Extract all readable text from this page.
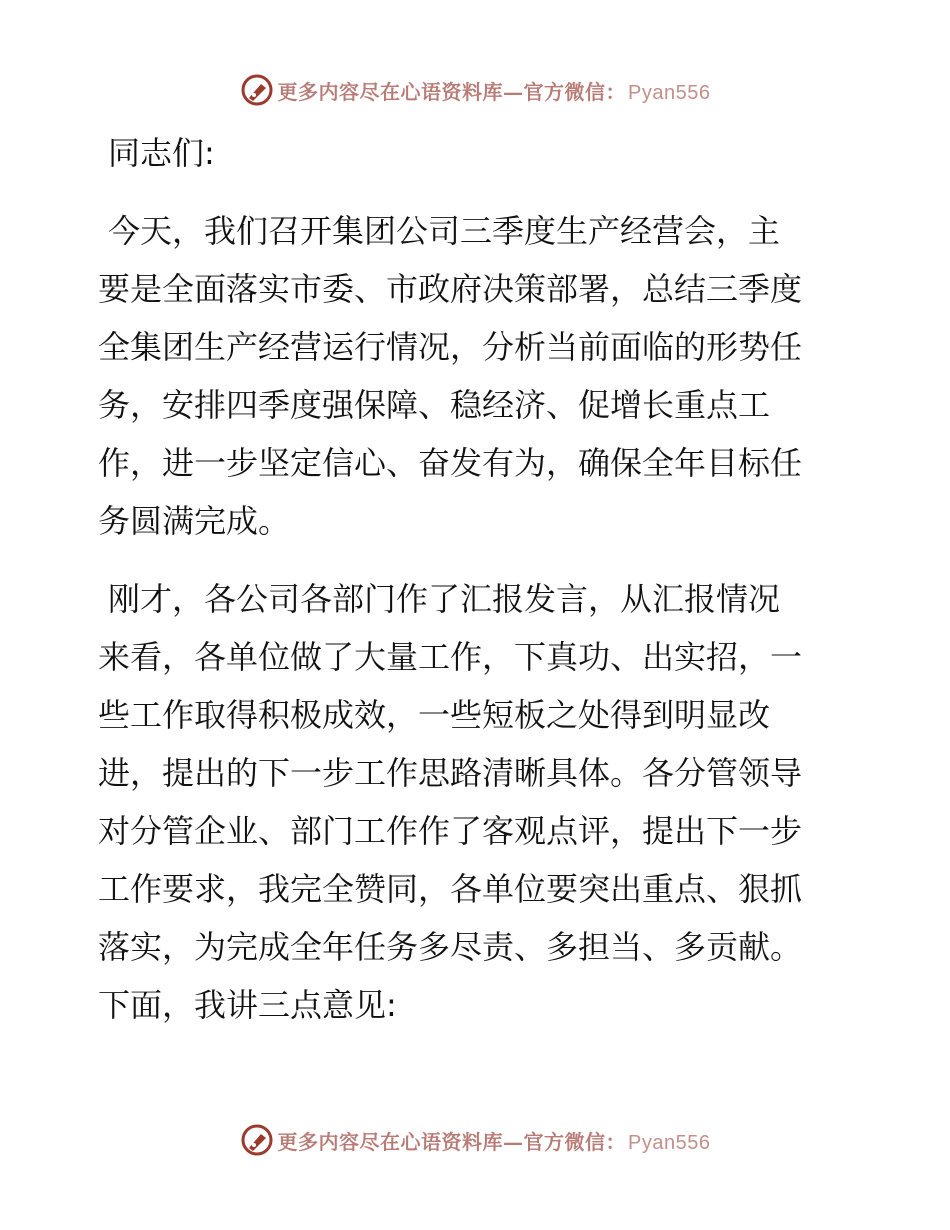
更多内容尽在心语资料库—官方微信： Pyan556

同志们:

今天，我们召开集团公司三季度生产经营会，主

要是全面落实市委、市政府决策部署，总结三季度

全集团生产经营运行情况，分析当前面临的形势任

务，安排四季度强保障、稳经济、促增长重点工

作，进一步坚定信心、奋发有为，确保全年目标任

务圆满完成。

刚才，各公司各部门作了汇报发言，从汇报情况

来看，各单位做了大量工作，下真功、出实招，一

些工作取得积极成效，一些短板之处得到明显改

进，提出的下一步工作思路清晰具体。各分管领导

对分管企业、部门工作作了客观点评，提出下一步

工作要求，我完全赞同，各单位要突出重点、狠抓

落实，为完成全年任务多尽责、多担当、多贡献。

下面，我讲三点意见:

更多内容尽在心语资料库—官方微信： Pyan556
